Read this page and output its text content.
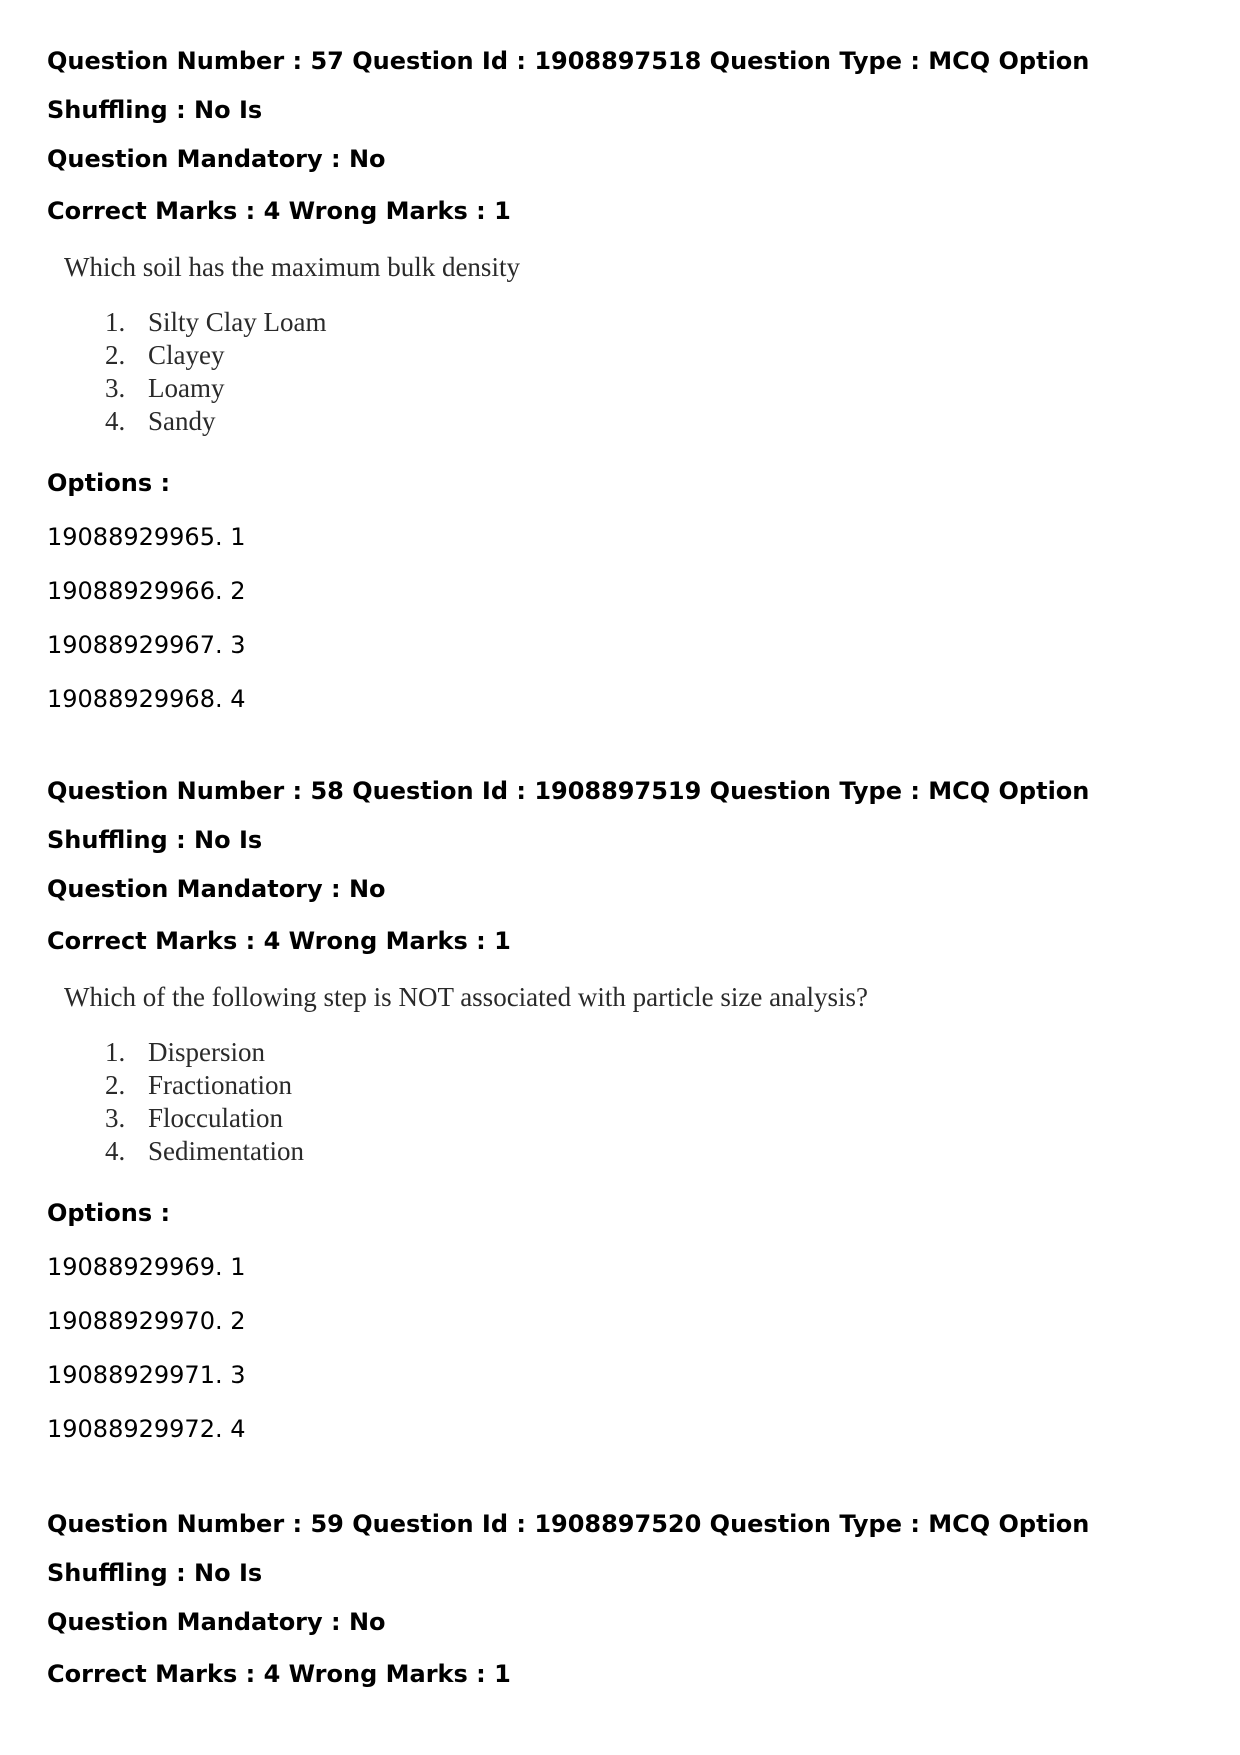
Question Number : 57 Question Id : 1908897518 Question Type : MCQ Option Shuffling : No Is
Question Mandatory : No
Correct Marks : 4 Wrong Marks : 1
Which soil has the maximum bulk density
1. Silty Clay Loam
2. Clayey
3. Loamy
4. Sandy
Options :
19088929965. 1
19088929966. 2
19088929967. 3
19088929968. 4
Question Number : 58 Question Id : 1908897519 Question Type : MCQ Option Shuffling : No Is
Question Mandatory : No
Correct Marks : 4 Wrong Marks : 1
Which of the following step is NOT associated with particle size analysis?
1. Dispersion
2. Fractionation
3. Flocculation
4. Sedimentation
Options :
19088929969. 1
19088929970. 2
19088929971. 3
19088929972. 4
Question Number : 59 Question Id : 1908897520 Question Type : MCQ Option Shuffling : No Is
Question Mandatory : No
Correct Marks : 4 Wrong Marks : 1
